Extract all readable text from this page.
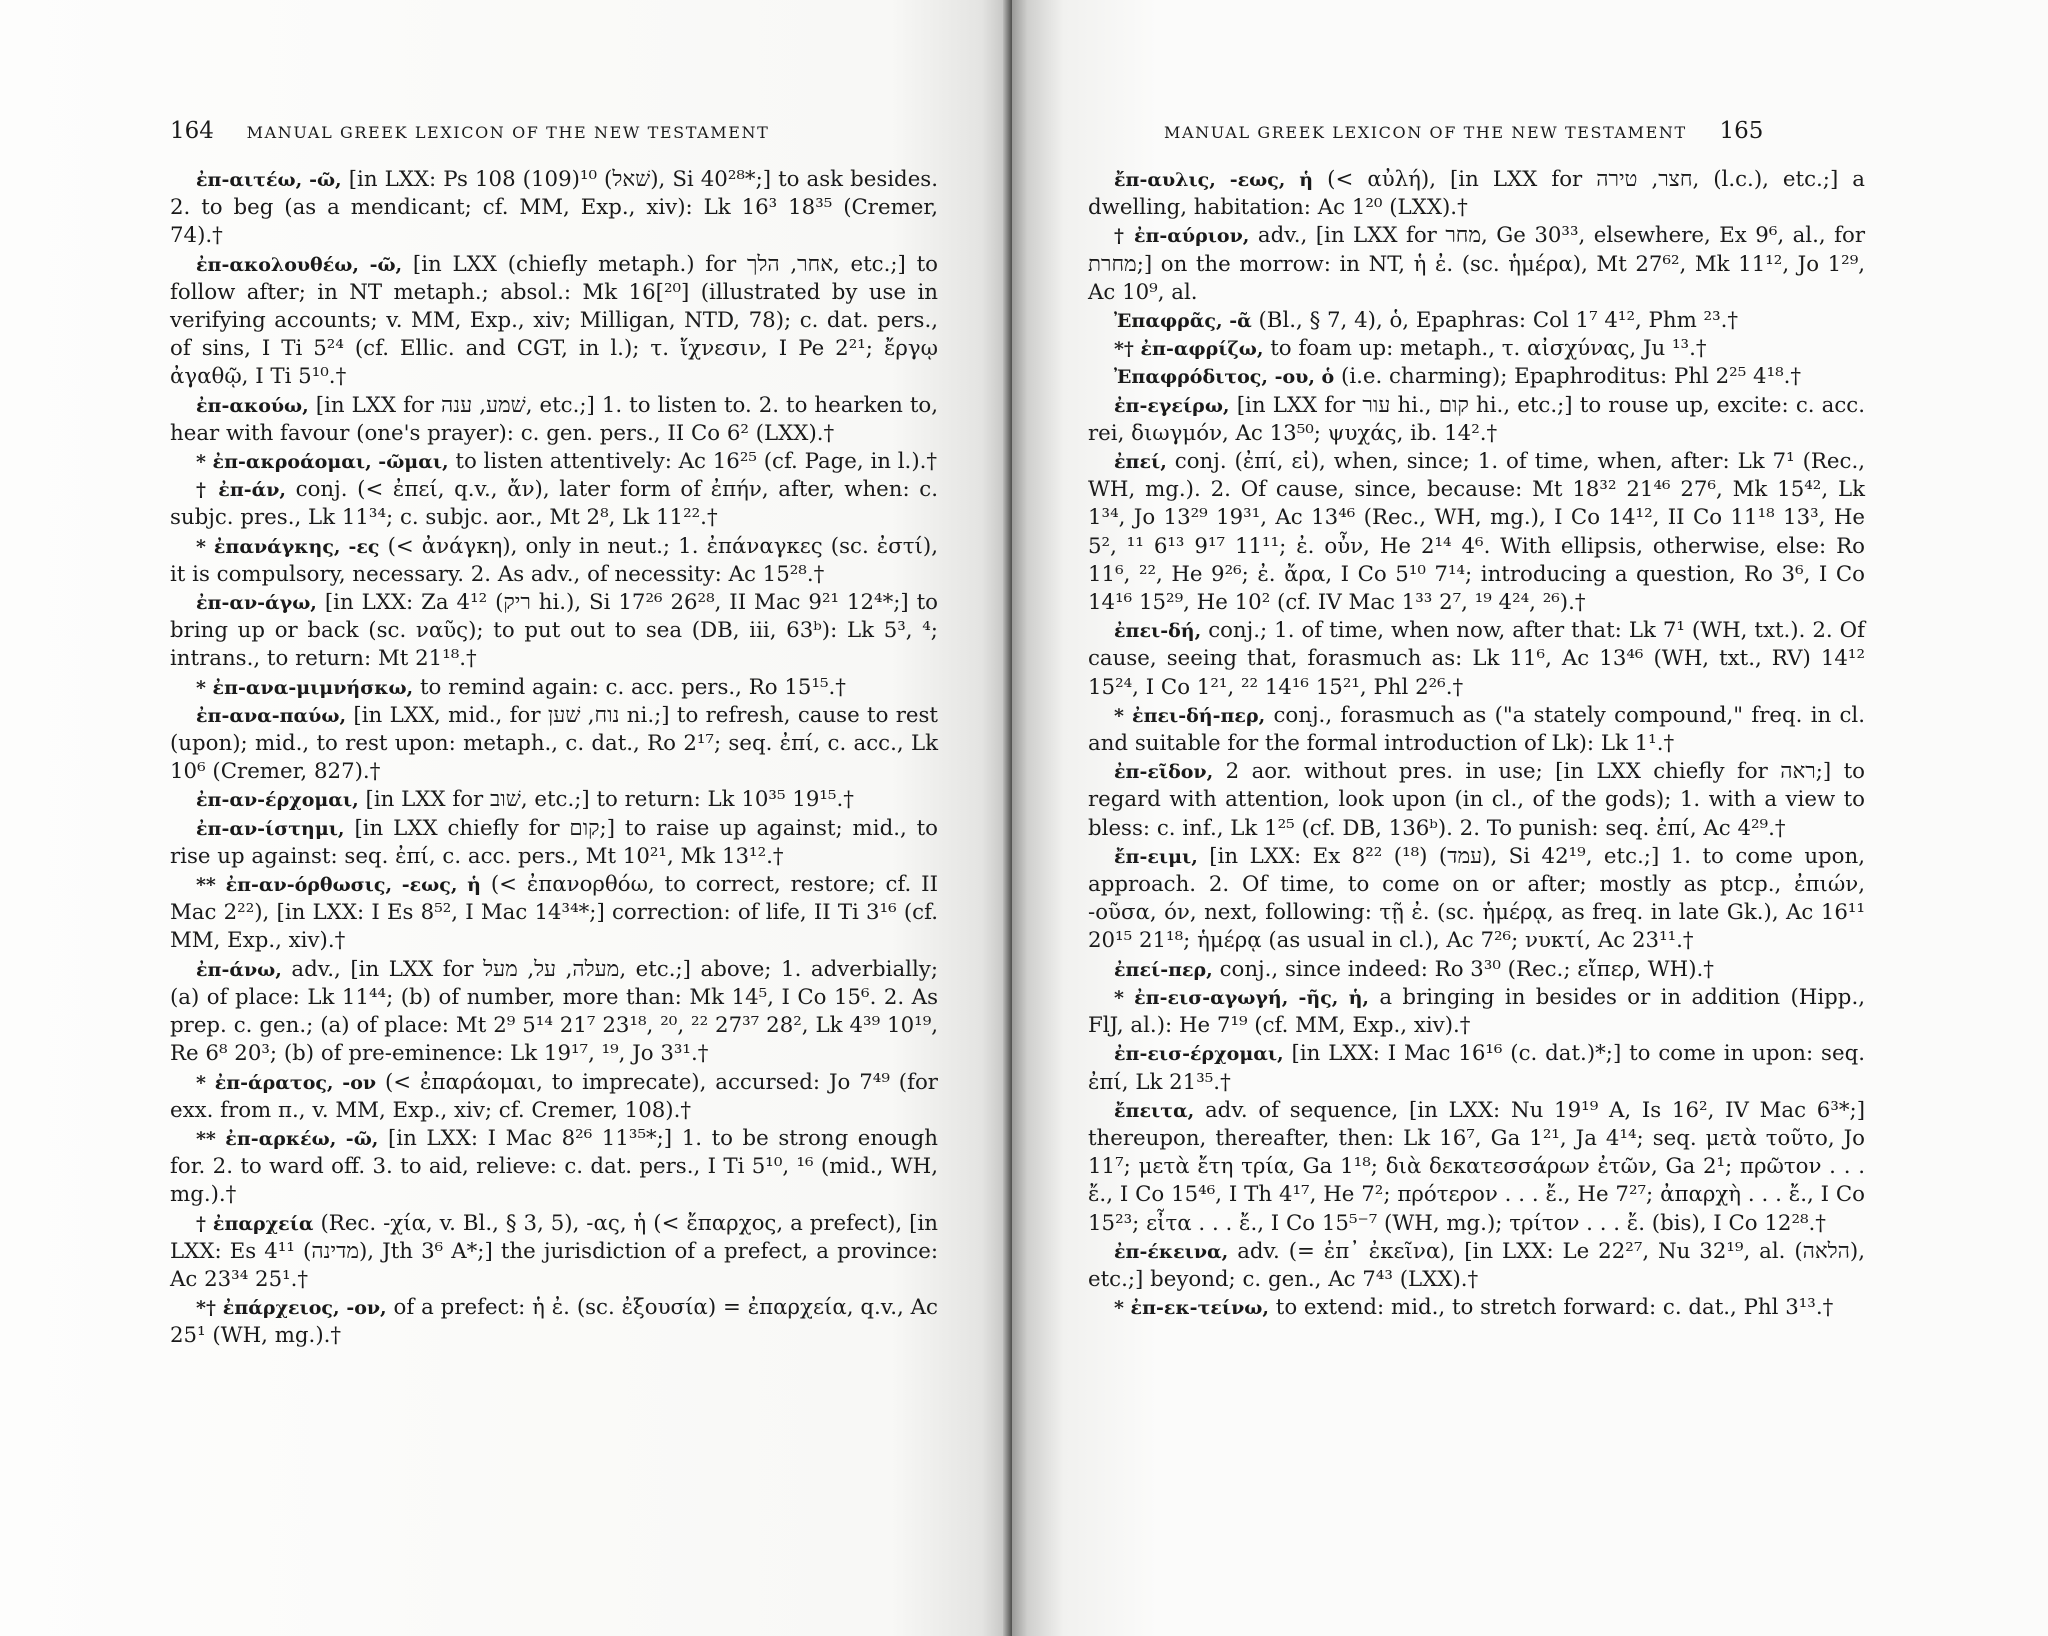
164 MANUAL GREEK LEXICON OF THE NEW TESTAMENT

ἐπ-αιτέω, -ῶ, [in LXX: Ps 108 (109)¹⁰ (שׁאל), Si 40²⁸*;] to ask besides. 2. to beg (as a mendicant; cf. MM, Exp., xiv): Lk 16³ 18³⁵ (Cremer, 74).†

ἐπ-ακολουθέω, -ῶ, [in LXX (chiefly metaph.) for אחר, הלך, etc.;] to follow after; in NT metaph.; absol.: Mk 16[²⁰] (illustrated by use in verifying accounts; v. MM, Exp., xiv; Milligan, NTD, 78); c. dat. pers., of sins, I Ti 5²⁴ (cf. Ellic. and CGT, in l.); τ. ἴχνεσιν, I Pe 2²¹; ἔργῳ ἀγαθῷ, I Ti 5¹⁰.†

ἐπ-ακούω, [in LXX for שׁמע, ענה, etc.;] 1. to listen to. 2. to hearken to, hear with favour (one's prayer): c. gen. pers., II Co 6² (LXX).†

* ἐπ-ακροάομαι, -ῶμαι, to listen attentively: Ac 16²⁵ (cf. Page, in l.).†

† ἐπ-άν, conj. (< ἐπεί, q.v., ἄν), later form of ἐπήν, after, when: c. subjc. pres., Lk 11³⁴; c. subjc. aor., Mt 2⁸, Lk 11²².†

* ἐπανάγκης, -ες (< ἀνάγκη), only in neut.; 1. ἐπάναγκες (sc. ἐστί), it is compulsory, necessary. 2. As adv., of necessity: Ac 15²⁸.†

ἐπ-αν-άγω, [in LXX: Za 4¹² (ריק hi.), Si 17²⁶ 26²⁸, II Mac 9²¹ 12⁴*;] to bring up or back (sc. ναῦς); to put out to sea (DB, iii, 63ᵇ): Lk 5³, ⁴; intrans., to return: Mt 21¹⁸.†

* ἐπ-ανα-μιμνήσκω, to remind again: c. acc. pers., Ro 15¹⁵.†

ἐπ-ανα-παύω, [in LXX, mid., for נוח, שׁען ni.;] to refresh, cause to rest (upon); mid., to rest upon: metaph., c. dat., Ro 2¹⁷; seq. ἐπί, c. acc., Lk 10⁶ (Cremer, 827).†

ἐπ-αν-έρχομαι, [in LXX for שׁוב, etc.;] to return: Lk 10³⁵ 19¹⁵.†

ἐπ-αν-ίστημι, [in LXX chiefly for קום;] to raise up against; mid., to rise up against: seq. ἐπί, c. acc. pers., Mt 10²¹, Mk 13¹².†

** ἐπ-αν-όρθωσις, -εως, ἡ (< ἐπανορθόω, to correct, restore; cf. II Mac 2²²), [in LXX: I Es 8⁵², I Mac 14³⁴*;] correction: of life, II Ti 3¹⁶ (cf. MM, Exp., xiv).†

ἐπ-άνω, adv., [in LXX for מעלה, על, מעל, etc.;] above; 1. adverbially; (a) of place: Lk 11⁴⁴; (b) of number, more than: Mk 14⁵, I Co 15⁶. 2. As prep. c. gen.; (a) of place: Mt 2⁹ 5¹⁴ 21⁷ 23¹⁸, ²⁰, ²² 27³⁷ 28², Lk 4³⁹ 10¹⁹, Re 6⁸ 20³; (b) of pre-eminence: Lk 19¹⁷, ¹⁹, Jo 3³¹.†

* ἐπ-άρατος, -ον (< ἐπαράομαι, to imprecate), accursed: Jo 7⁴⁹ (for exx. from π., v. MM, Exp., xiv; cf. Cremer, 108).†

** ἐπ-αρκέω, -ῶ, [in LXX: I Mac 8²⁶ 11³⁵*;] 1. to be strong enough for. 2. to ward off. 3. to aid, relieve: c. dat. pers., I Ti 5¹⁰, ¹⁶ (mid., WH, mg.).†

† ἐπαρχεία (Rec. -χία, v. Bl., § 3, 5), -ας, ἡ (< ἔπαρχος, a prefect), [in LXX: Es 4¹¹ (מדינה), Jth 3⁶ A*;] the jurisdiction of a prefect, a province: Ac 23³⁴ 25¹.†

*† ἐπάρχειος, -ον, of a prefect: ἡ ἐ. (sc. ἐξουσία) = ἐπαρχεία, q.v., Ac 25¹ (WH, mg.).†

MANUAL GREEK LEXICON OF THE NEW TESTAMENT 165

ἔπ-αυλις, -εως, ἡ (< αὐλή), [in LXX for חצר, טירה, (l.c.), etc.;] a dwelling, habitation: Ac 1²⁰ (LXX).†

† ἐπ-αύριον, adv., [in LXX for מחר, Ge 30³³, elsewhere, Ex 9⁶, al., for מחרת;] on the morrow: in NT, ἡ ἐ. (sc. ἡμέρα), Mt 27⁶², Mk 11¹², Jo 1²⁹, Ac 10⁹, al.

Ἐπαφρᾶς, -ᾶ (Bl., § 7, 4), ὁ, Epaphras: Col 1⁷ 4¹², Phm ²³.†

*† ἐπ-αφρίζω, to foam up: metaph., τ. αἰσχύνας, Ju ¹³.†

Ἐπαφρόδιτος, -ου, ὁ (i.e. charming); Epaphroditus: Phl 2²⁵ 4¹⁸.†

ἐπ-εγείρω, [in LXX for עור hi., קום hi., etc.;] to rouse up, excite: c. acc. rei, διωγμόν, Ac 13⁵⁰; ψυχάς, ib. 14².†

ἐπεί, conj. (ἐπί, εἰ), when, since; 1. of time, when, after: Lk 7¹ (Rec., WH, mg.). 2. Of cause, since, because: Mt 18³² 21⁴⁶ 27⁶, Mk 15⁴², Lk 1³⁴, Jo 13²⁹ 19³¹, Ac 13⁴⁶ (Rec., WH, mg.), I Co 14¹², II Co 11¹⁸ 13³, He 5², ¹¹ 6¹³ 9¹⁷ 11¹¹; ἐ. οὖν, He 2¹⁴ 4⁶. With ellipsis, otherwise, else: Ro 11⁶, ²², He 9²⁶; ἐ. ἄρα, I Co 5¹⁰ 7¹⁴; introducing a question, Ro 3⁶, I Co 14¹⁶ 15²⁹, He 10² (cf. IV Mac 1³³ 2⁷, ¹⁹ 4²⁴, ²⁶).†

ἐπει-δή, conj.; 1. of time, when now, after that: Lk 7¹ (WH, txt.). 2. Of cause, seeing that, forasmuch as: Lk 11⁶, Ac 13⁴⁶ (WH, txt., RV) 14¹² 15²⁴, I Co 1²¹, ²² 14¹⁶ 15²¹, Phl 2²⁶.†

* ἐπει-δή-περ, conj., forasmuch as ("a stately compound," freq. in cl. and suitable for the formal introduction of Lk): Lk 1¹.†

ἐπ-εῖδον, 2 aor. without pres. in use; [in LXX chiefly for ראה;] to regard with attention, look upon (in cl., of the gods); 1. with a view to bless: c. inf., Lk 1²⁵ (cf. DB, 136ᵇ). 2. To punish: seq. ἐπί, Ac 4²⁹.†

ἔπ-ειμι, [in LXX: Ex 8²² (¹⁸) (עמד), Si 42¹⁹, etc.;] 1. to come upon, approach. 2. Of time, to come on or after; mostly as ptcp., ἐπιών, -οῦσα, όν, next, following: τῇ ἐ. (sc. ἡμέρᾳ, as freq. in late Gk.), Ac 16¹¹ 20¹⁵ 21¹⁸; ἡμέρᾳ (as usual in cl.), Ac 7²⁶; νυκτί, Ac 23¹¹.†

ἐπεί-περ, conj., since indeed: Ro 3³⁰ (Rec.; εἴπερ, WH).†

* ἐπ-εισ-αγωγή, -ῆς, ἡ, a bringing in besides or in addition (Hipp., FlJ, al.): He 7¹⁹ (cf. MM, Exp., xiv).†

ἐπ-εισ-έρχομαι, [in LXX: I Mac 16¹⁶ (c. dat.)*;] to come in upon: seq. ἐπί, Lk 21³⁵.†

ἔπειτα, adv. of sequence, [in LXX: Nu 19¹⁹ A, Is 16², IV Mac 6³*;] thereupon, thereafter, then: Lk 16⁷, Ga 1²¹, Ja 4¹⁴; seq. μετὰ τοῦτο, Jo 11⁷; μετὰ ἔτη τρία, Ga 1¹⁸; διὰ δεκατεσσάρων ἐτῶν, Ga 2¹; πρῶτον . . . ἔ., I Co 15⁴⁶, I Th 4¹⁷, He 7²; πρότερον . . . ἔ., He 7²⁷; ἀπαρχὴ . . . ἔ., I Co 15²³; εἶτα . . . ἔ., I Co 15⁵⁻⁷ (WH, mg.); τρίτον . . . ἔ. (bis), I Co 12²⁸.†

ἐπ-έκεινα, adv. (= ἐπ᾽ ἐκεῖνα), [in LXX: Le 22²⁷, Nu 32¹⁹, al. (הלאה), etc.;] beyond; c. gen., Ac 7⁴³ (LXX).†

* ἐπ-εκ-τείνω, to extend: mid., to stretch forward: c. dat., Phl 3¹³.†
